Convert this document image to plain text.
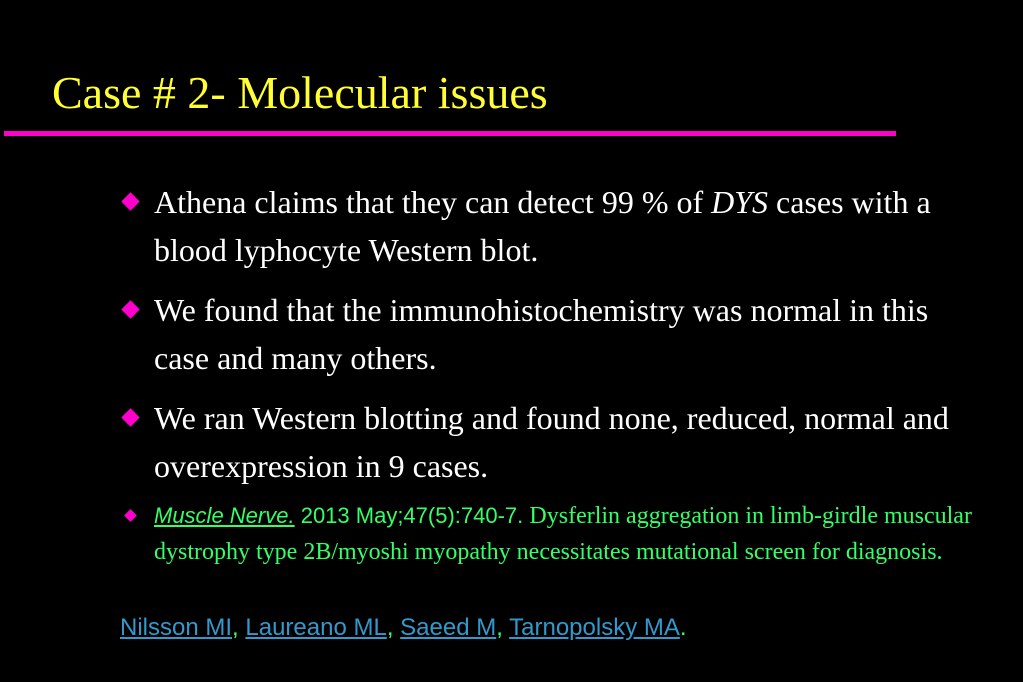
Case # 2- Molecular issues
Athena claims that they can detect 99 % of DYS cases with a blood lyphocyte Western blot.
We found that the immunohistochemistry was normal in this case and many others.
We ran Western blotting and found none, reduced, normal and overexpression in 9 cases.
Muscle Nerve. 2013 May;47(5):740-7. Dysferlin aggregation in limb-girdle muscular dystrophy type 2B/myoshi myopathy necessitates mutational screen for diagnosis.
Nilsson MI, Laureano ML, Saeed M, Tarnopolsky MA.
